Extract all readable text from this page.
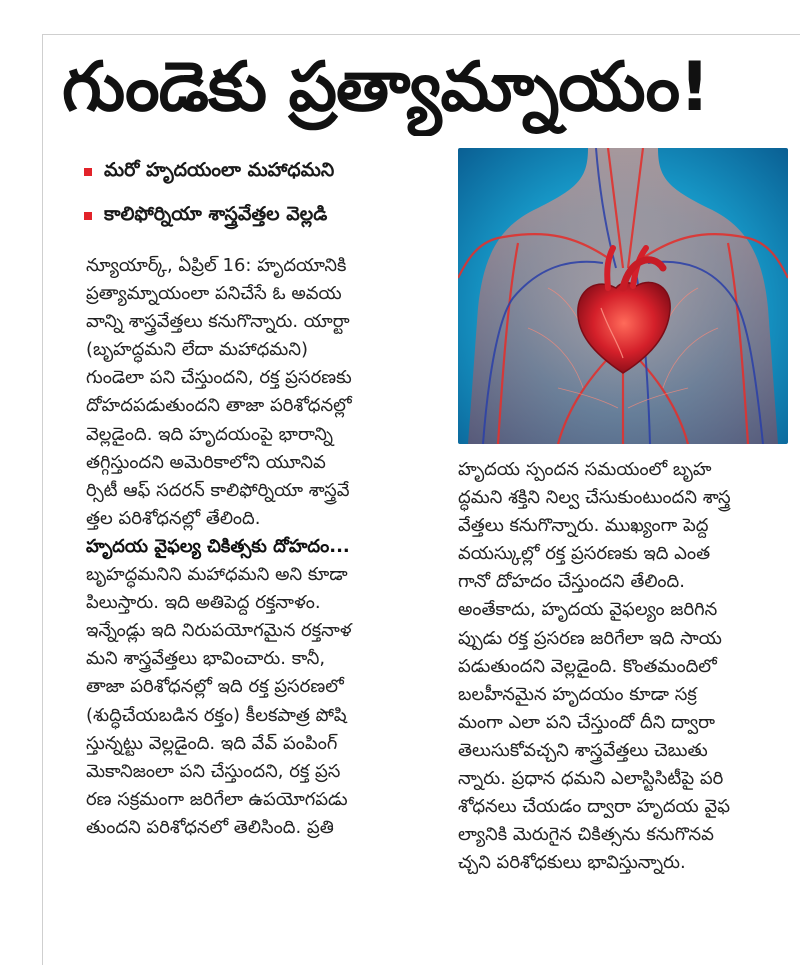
గుండెకు ప్రత్యామ్నాయం!
మరో హృదయంలా మహాధమని
కాలిఫోర్నియా శాస్త్రవేత్తల వెల్లడి

న్యూయార్క్, ఏప్రిల్ 16: హృదయానికి

ప్రత్యామ్నాయంలా పనిచేసే ఓ అవయ

వాన్ని శాస్త్రవేత్తలు కనుగొన్నారు. యార్టా

(బృహద్ధమని లేదా మహాధమని)

గుండెలా పని చేస్తుందని, రక్త ప్రసరణకు

దోహదపడుతుందని తాజా పరిశోధనల్లో

వెల్లడైంది. ఇది హృదయంపై భారాన్ని

తగ్గిస్తుందని అమెరికాలోని యూనివ

ర్సిటీ ఆఫ్ సదరన్ కాలిఫోర్నియా శాస్త్రవే

త్తల పరిశోధనల్లో తేలింది.

హృదయ వైఫల్య చికిత్సకు దోహదం...

బృహద్ధమనిని మహాధమని అని కూడా

పిలుస్తారు. ఇది అతిపెద్ద రక్తనాళం.

ఇన్నేండ్లు ఇది నిరుపయోగమైన రక్తనాళ

మని శాస్త్రవేత్తలు భావించారు. కానీ,

తాజా పరిశోధనల్లో ఇది రక్త ప్రసరణలో

(శుద్ధిచేయబడిన రక్తం) కీలకపాత్ర పోషి

స్తున్నట్టు వెల్లడైంది. ఇది వేవ్ పంపింగ్

మెకానిజంలా పని చేస్తుందని, రక్త ప్రస

రణ సక్రమంగా జరిగేలా ఉపయోగపడు

తుందని పరిశోధనలో తెలిసింది. ప్రతి

హృదయ స్పందన సమయంలో బృహ

ద్ధమని శక్తిని నిల్వ చేసుకుంటుందని శాస్త్ర

వేత్తలు కనుగొన్నారు. ముఖ్యంగా పెద్ద

వయస్కుల్లో రక్త ప్రసరణకు ఇది ఎంత

గానో దోహదం చేస్తుందని తేలింది.

అంతేకాదు, హృదయ వైఫల్యం జరిగిన

ప్పుడు రక్త ప్రసరణ జరిగేలా ఇది సాయ

పడుతుందని వెల్లడైంది. కొంతమందిలో

బలహీనమైన హృదయం కూడా సక్ర

మంగా ఎలా పని చేస్తుందో దీని ద్వారా

తెలుసుకోవచ్చని శాస్త్రవేత్తలు చెబుతు

న్నారు. ప్రధాన ధమని ఎలాస్టిసిటీపై పరి

శోధనలు చేయడం ద్వారా హృదయ వైఫ

ల్యానికి మెరుగైన చికిత్సను కనుగొనవ

చ్చని పరిశోధకులు భావిస్తున్నారు.
